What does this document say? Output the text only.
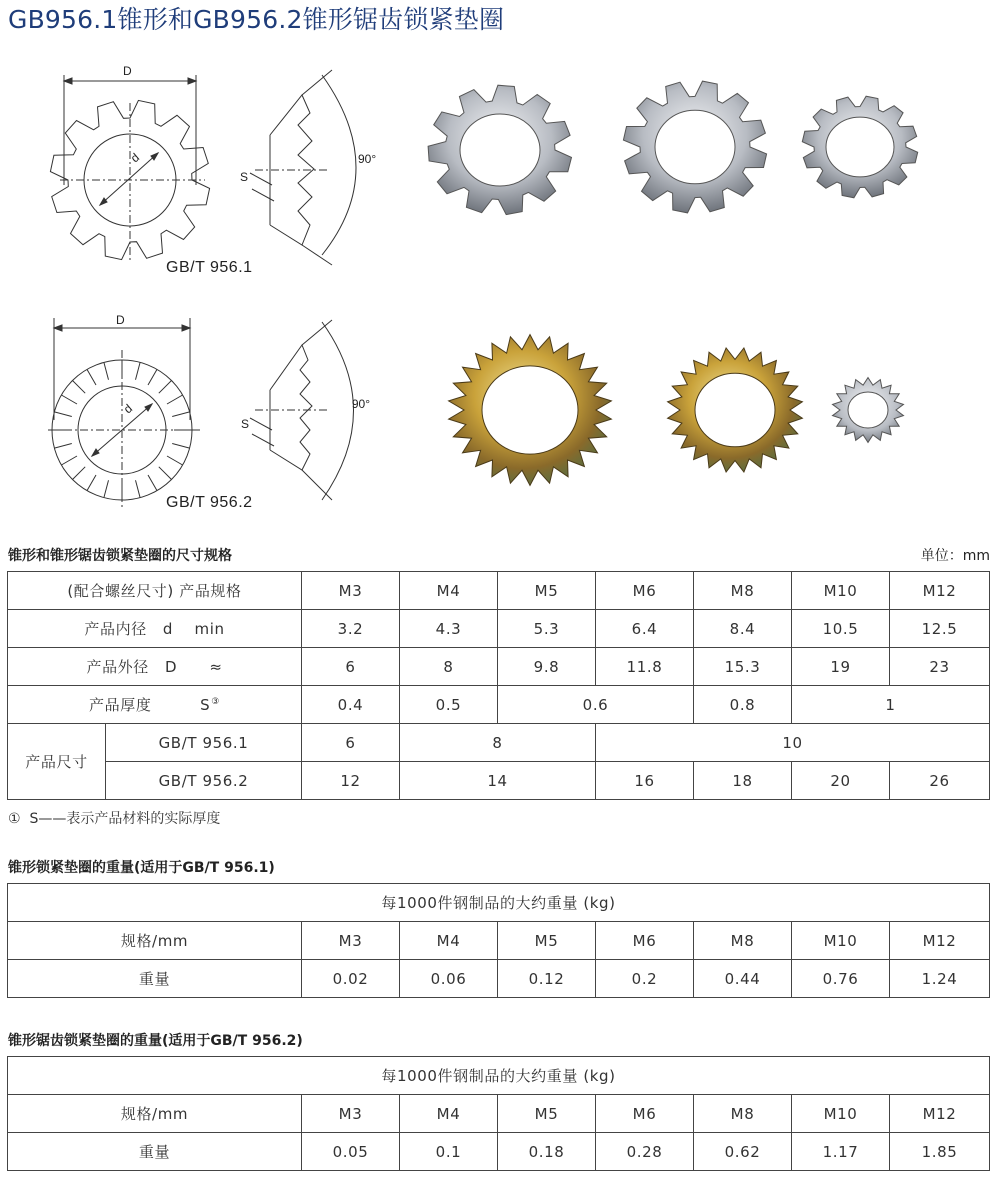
GB956.1锥形和GB956.2锥形锯齿锁紧垫圈
D
d
S
90°
GB/T 956.1
D
d
S
90°
GB/T 956.2
锥形和锥形锯齿锁紧垫圈的尺寸规格	单位：mm
(配合螺丝尺寸) 产品规格		M3	M4	M5	M6	M8	M10	M12
产品内径   d    min		3.2	4.3	5.3	6.4	8.4	10.5	12.5
产品外径   D      ≈		6	8	9.8	11.8	15.3	19	23
产品厚度 S③		0.4	0.5	0.6		0.8	1	
产品尺寸	GB/T 956.1	6	8		10			
	GB/T 956.2	12	14		16	18	20	26
①  S——表示产品材料的实际厚度
锥形锁紧垫圈的重量(适用于GB/T 956.1)
每1000件钢制品的大约重量 (kg)							
规格/mm	M3	M4	M5	M6	M8	M10	M12
重量	0.02	0.06	0.12	0.2	0.44	0.76	1.24
锥形锯齿锁紧垫圈的重量(适用于GB/T 956.2)
每1000件钢制品的大约重量 (kg)							
规格/mm	M3	M4	M5	M6	M8	M10	M12
重量	0.05	0.1	0.18	0.28	0.62	1.17	1.85
